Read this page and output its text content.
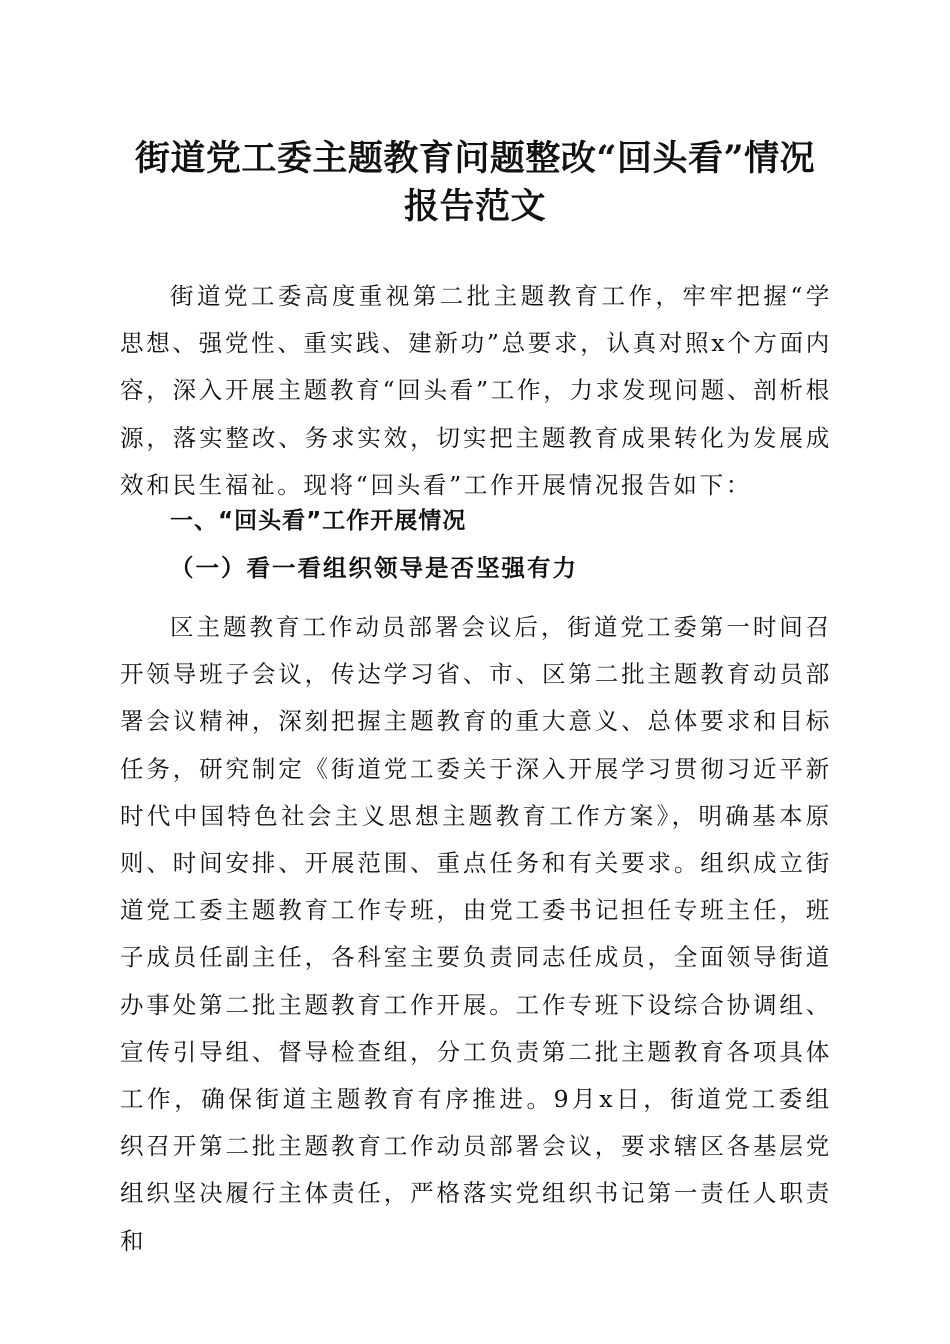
街道党工委主题教育问题整改“回头看”情况
报告范文

街道党工委高度重视第二批主题教育工作，牢牢把握“学思想、强党性、重实践、建新功”总要求，认真对照x个方面内容，深入开展主题教育“回头看”工作，力求发现问题、剖析根源，落实整改、务求实效，切实把主题教育成果转化为发展成效和民生福祉。现将“回头看”工作开展情况报告如下：

一、“回头看”工作开展情况
（一）看一看组织领导是否坚强有力

区主题教育工作动员部署会议后，街道党工委第一时间召开领导班子会议，传达学习省、市、区第二批主题教育动员部署会议精神，深刻把握主题教育的重大意义、总体要求和目标任务，研究制定《街道党工委关于深入开展学习贯彻习近平新时代中国特色社会主义思想主题教育工作方案》，明确基本原则、时间安排、开展范围、重点任务和有关要求。组织成立街道党工委主题教育工作专班，由党工委书记担任专班主任，班子成员任副主任，各科室主要负责同志任成员，全面领导街道办事处第二批主题教育工作开展。工作专班下设综合协调组、宣传引导组、督导检查组，分工负责第二批主题教育各项具体工作，确保街道主题教育有序推进。9月x日，街道党工委组织召开第二批主题教育工作动员部署会议，要求辖区各基层党组织坚决履行主体责任，严格落实党组织书记第一责任人职责和
